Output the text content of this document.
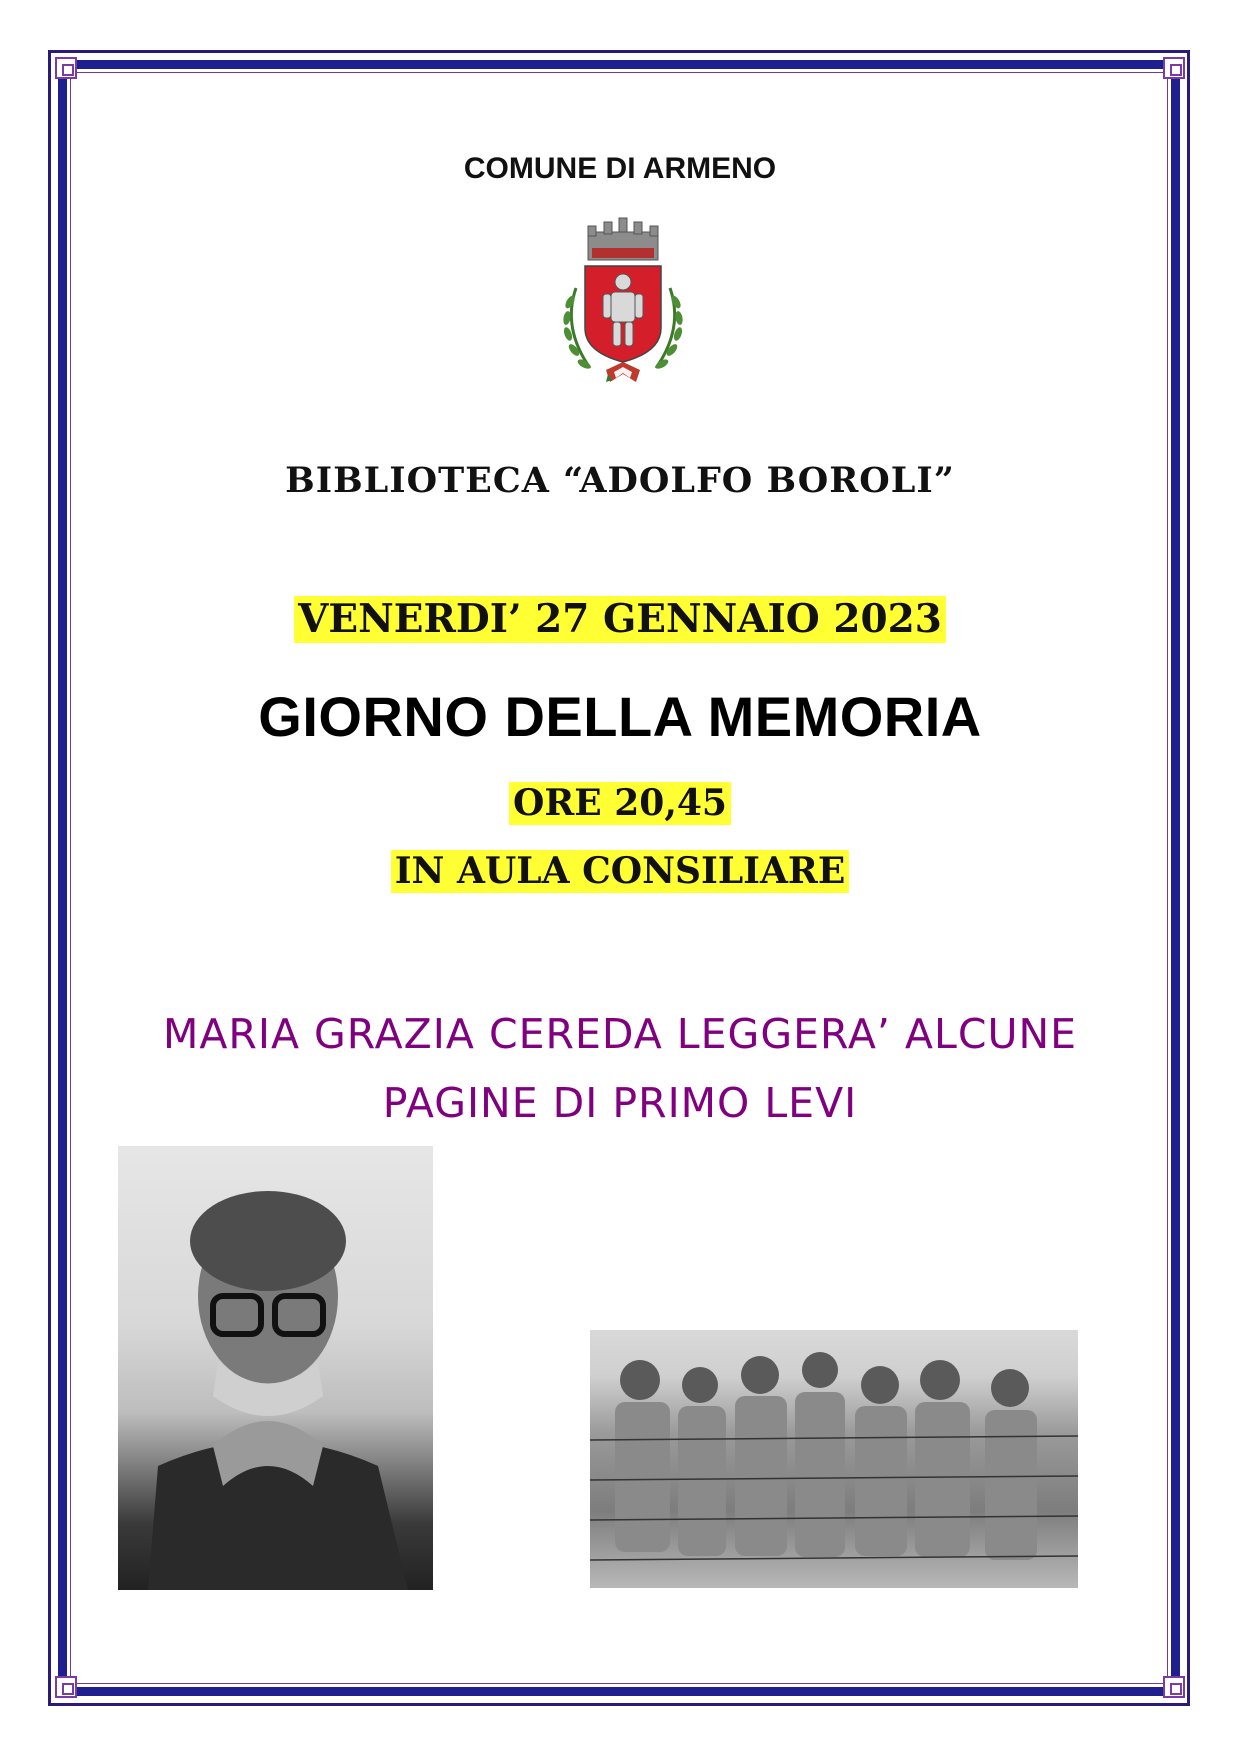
COMUNE DI ARMENO
BIBLIOTECA “ADOLFO BOROLI”
VENERDI’ 27 GENNAIO 2023
GIORNO DELLA MEMORIA
ORE 20,45
IN AULA CONSILIARE
MARIA GRAZIA CEREDA LEGGERA’ ALCUNE
PAGINE DI PRIMO LEVI
